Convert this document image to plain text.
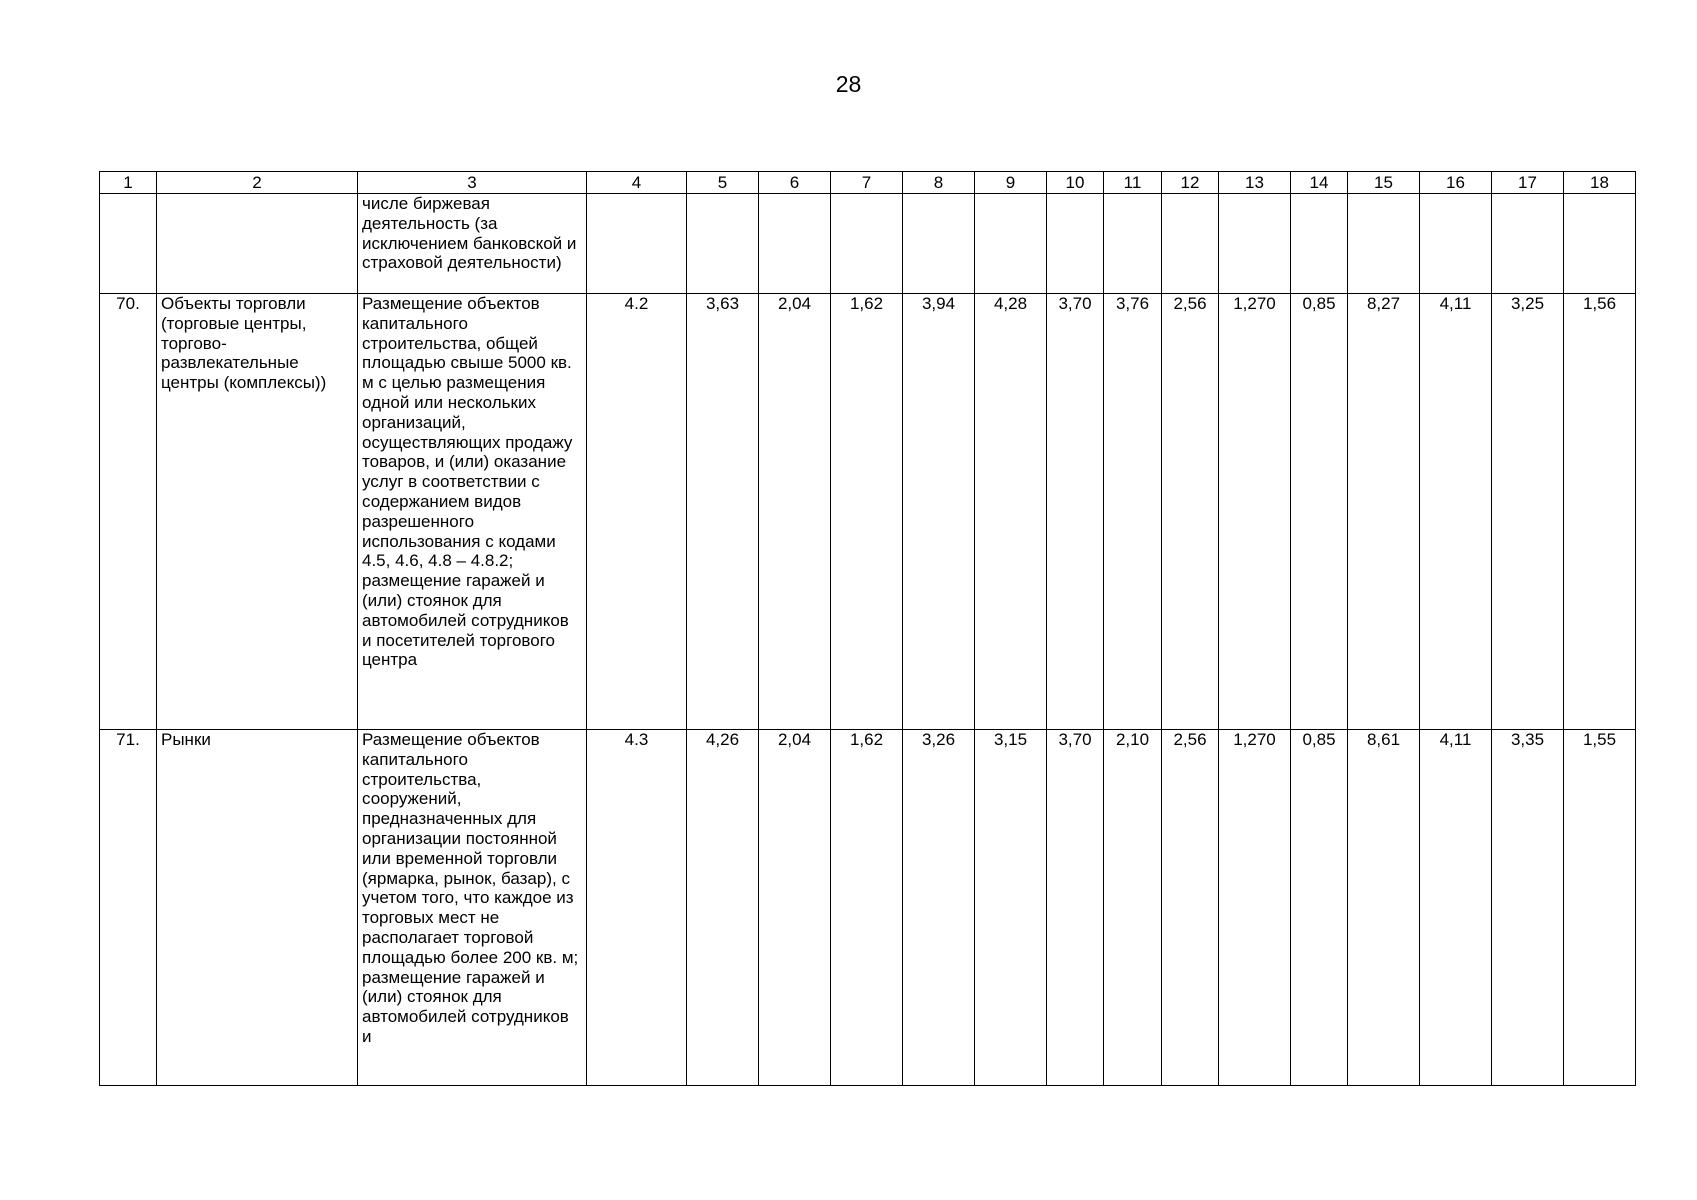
28
1	2	3	4	5	6	7	8	9	10	11	12	13	14	15	16	17	18
		числе биржевая деятельность (за исключением банковской и страховой деятельности)															
70.	Объекты торговли (торговые центры, торгово-развлекательные центры (комплексы))	Размещение объектов капитального строительства, общей площадью свыше 5000 кв. м с целью размещения одной или нескольких организаций, осуществляющих продажу товаров, и (или) оказание услуг в соответствии с содержанием видов разрешенного использования с кодами 4.5, 4.6, 4.8 – 4.8.2; размещение гаражей и (или) стоянок для автомобилей сотрудников и посетителей торгового центра	4.2	3,63	2,04	1,62	3,94	4,28	3,70	3,76	2,56	1,270	0,85	8,27	4,11	3,25	1,56
71.	Рынки	Размещение объектов капитального строительства, сооружений, предназначенных для организации постоянной или временной торговли (ярмарка, рынок, базар), с учетом того, что каждое из торговых мест не располагает торговой площадью более 200 кв. м; размещение гаражей и (или) стоянок для автомобилей сотрудников и	4.3	4,26	2,04	1,62	3,26	3,15	3,70	2,10	2,56	1,270	0,85	8,61	4,11	3,35	1,55
